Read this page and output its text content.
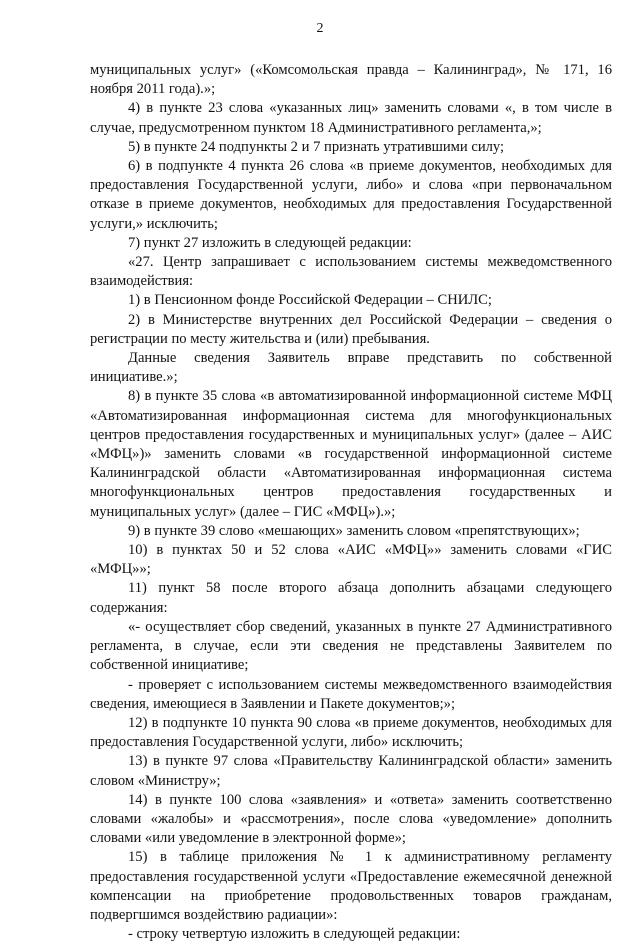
2

муниципальных услуг» («Комсомольская правда – Калининград», № 171, 16 ноября 2011 года).»;

4) в пункте 23 слова «указанных лиц» заменить словами «, в том числе в случае, предусмотренном пунктом 18 Административного регламента,»;

5) в пункте 24 подпункты 2 и 7 признать утратившими силу;

6) в подпункте 4 пункта 26 слова «в приеме документов, необходимых для предоставления Государственной услуги, либо» и слова «при первоначальном отказе в приеме документов, необходимых для предоставления Государственной услуги,» исключить;

7) пункт 27 изложить в следующей редакции:

«27. Центр запрашивает с использованием системы межведомственного взаимодействия:

1) в Пенсионном фонде Российской Федерации – СНИЛС;

2) в Министерстве внутренних дел Российской Федерации – сведения о регистрации по месту жительства и (или) пребывания.

Данные сведения Заявитель вправе представить по собственной инициативе.»;

8) в пункте 35 слова «в автоматизированной информационной системе МФЦ «Автоматизированная информационная система для многофункциональных центров предоставления государственных и муниципальных услуг» (далее – АИС «МФЦ»)» заменить словами «в государственной информационной системе Калининградской области «Автоматизированная информационная система многофункциональных центров предоставления государственных и муниципальных услуг» (далее – ГИС «МФЦ»).»;

9) в пункте 39 слово «мешающих» заменить словом «препятствующих»;

10) в пунктах 50 и 52 слова «АИС «МФЦ»» заменить словами «ГИС «МФЦ»»;

11) пункт 58 после второго абзаца дополнить абзацами следующего содержания:

«- осуществляет сбор сведений, указанных в пункте 27 Административного регламента, в случае, если эти сведения не представлены Заявителем по собственной инициативе;

- проверяет с использованием системы межведомственного взаимодействия сведения, имеющиеся в Заявлении и Пакете документов;»;

12) в подпункте 10 пункта 90 слова «в приеме документов, необходимых для предоставления Государственной услуги, либо» исключить;

13) в пункте 97 слова «Правительству Калининградской области» заменить словом «Министру»;

14) в пункте 100 слова «заявления» и «ответа» заменить соответственно словами «жалобы» и «рассмотрения», после слова «уведомление» дополнить словами «или уведомление в электронной форме»;

15) в таблице приложения № 1 к административному регламенту предоставления государственной услуги «Предоставление ежемесячной денежной компенсации на приобретение продовольственных товаров гражданам, подвергшимся воздействию радиации»:

- строку четвертую изложить в следующей редакции:
